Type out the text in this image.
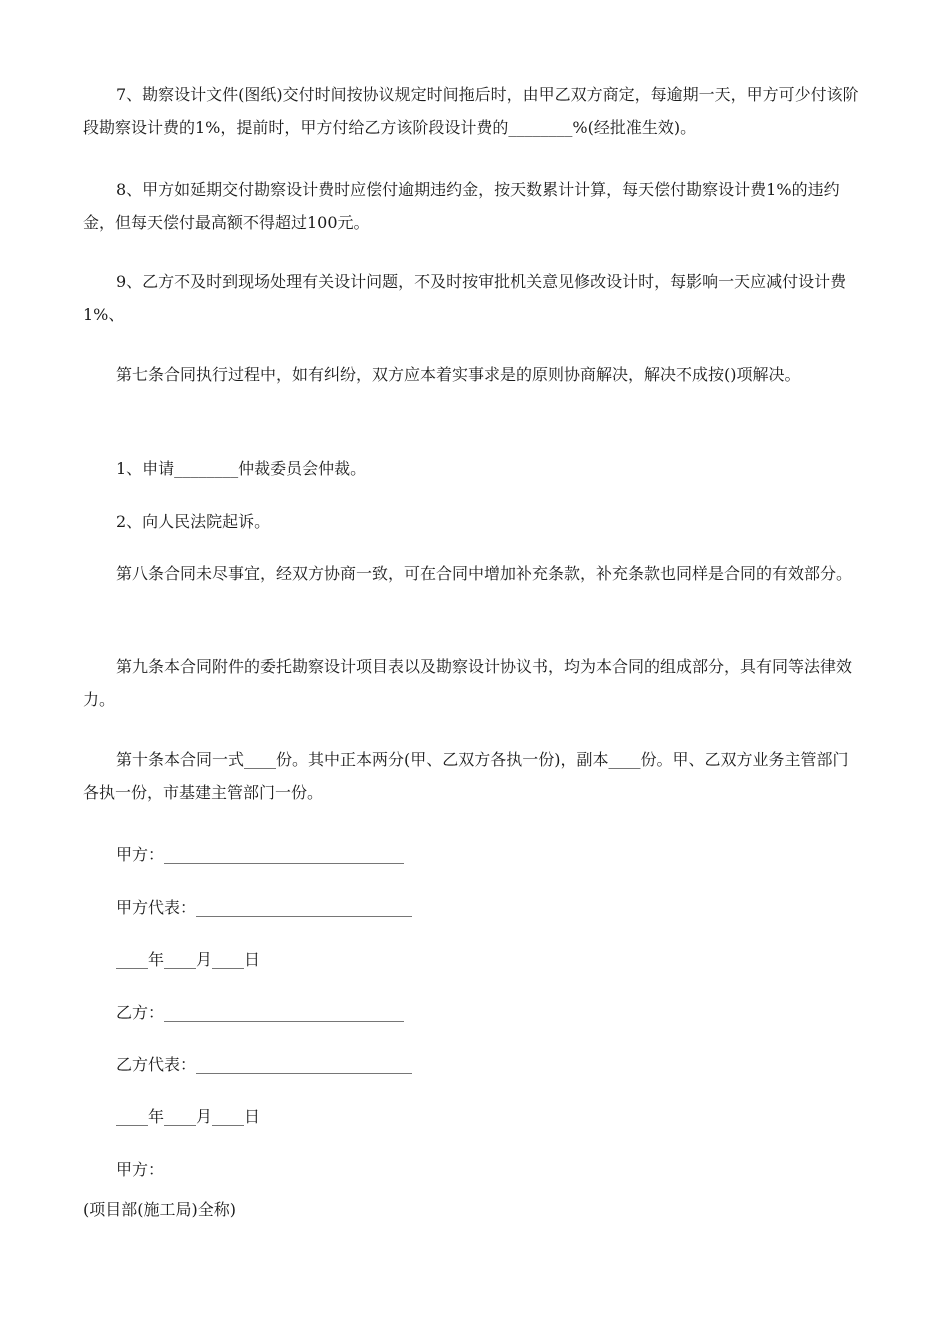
7、勘察设计文件(图纸)交付时间按协议规定时间拖后时，由甲乙双方商定，每逾期一天，甲方可少付该阶段勘察设计费的1%，提前时，甲方付给乙方该阶段设计费的________%(经批准生效)。

8、甲方如延期交付勘察设计费时应偿付逾期违约金，按天数累计计算，每天偿付勘察设计费1%的违约金，但每天偿付最高额不得超过100元。

9、乙方不及时到现场处理有关设计问题，不及时按审批机关意见修改设计时，每影响一天应减付设计费1%、

第七条合同执行过程中，如有纠纷，双方应本着实事求是的原则协商解决，解决不成按()项解决。

1、申请________仲裁委员会仲裁。

2、向人民法院起诉。

第八条合同未尽事宜，经双方协商一致，可在合同中增加补充条款，补充条款也同样是合同的有效部分。

第九条本合同附件的委托勘察设计项目表以及勘察设计协议书，均为本合同的组成部分，具有同等法律效力。

第十条本合同一式____份。其中正本两分(甲、乙双方各执一份)，副本____份。甲、乙双方业务主管部门各执一份，市基建主管部门一份。

甲方：______________________________

甲方代表：___________________________

____年____月____日

乙方：______________________________

乙方代表：___________________________

____年____月____日

甲方：

(项目部(施工局)全称)
